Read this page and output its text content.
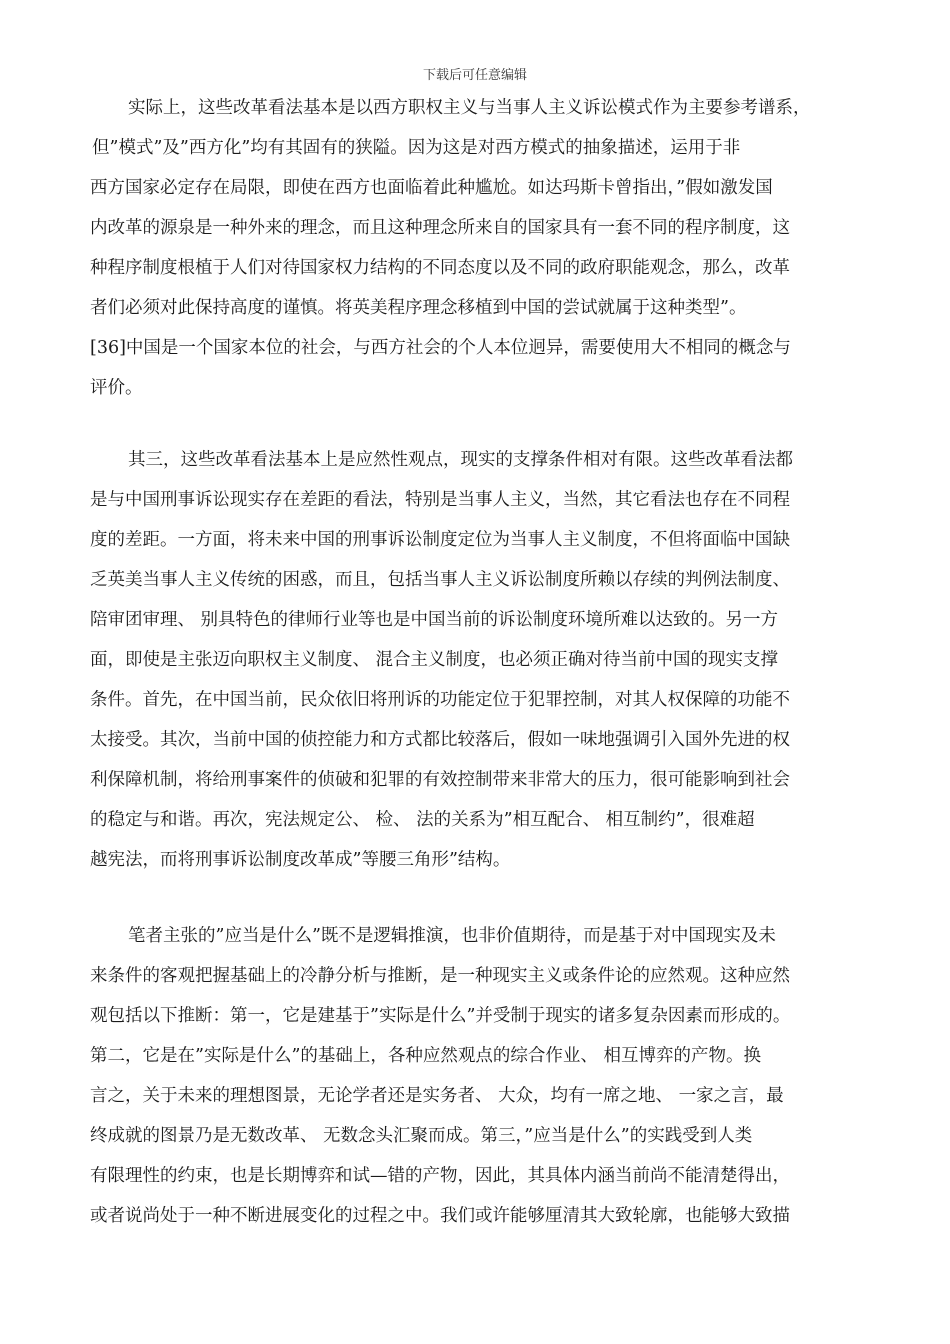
下载后可任意编辑
实际上，这些改革看法基本是以西方职权主义与当事人主义诉讼模式作为主要参考谱系，
但”模式”及”西方化”均有其固有的狭隘。因为这是对西方模式的抽象描述，运用于非
西方国家必定存在局限，即使在西方也面临着此种尴尬。如达玛斯卡曾指出，”假如激发国
内改革的源泉是一种外来的理念，而且这种理念所来自的国家具有一套不同的程序制度，这
种程序制度根植于人们对待国家权力结构的不同态度以及不同的政府职能观念，那么，改革
者们必须对此保持高度的谨慎。将英美程序理念移植到中国的尝试就属于这种类型”。
[36]中国是一个国家本位的社会，与西方社会的个人本位迥异，需要使用大不相同的概念与
评价。
其三，这些改革看法基本上是应然性观点，现实的支撑条件相对有限。这些改革看法都
是与中国刑事诉讼现实存在差距的看法，特别是当事人主义，当然，其它看法也存在不同程
度的差距。一方面，将未来中国的刑事诉讼制度定位为当事人主义制度，不但将面临中国缺
乏英美当事人主义传统的困惑，而且，包括当事人主义诉讼制度所赖以存续的判例法制度、
陪审团审理、 别具特色的律师行业等也是中国当前的诉讼制度环境所难以达致的。另一方
面，即使是主张迈向职权主义制度、 混合主义制度，也必须正确对待当前中国的现实支撑
条件。首先，在中国当前，民众依旧将刑诉的功能定位于犯罪控制，对其人权保障的功能不
太接受。其次，当前中国的侦控能力和方式都比较落后，假如一味地强调引入国外先进的权
利保障机制，将给刑事案件的侦破和犯罪的有效控制带来非常大的压力，很可能影响到社会
的稳定与和谐。再次，宪法规定公、 检、 法的关系为”相互配合、 相互制约”，很难超
越宪法，而将刑事诉讼制度改革成”等腰三角形”结构。
笔者主张的”应当是什么”既不是逻辑推演，也非价值期待，而是基于对中国现实及未
来条件的客观把握基础上的冷静分析与推断，是一种现实主义或条件论的应然观。这种应然
观包括以下推断：第一，它是建基于”实际是什么”并受制于现实的诸多复杂因素而形成的。
第二，它是在”实际是什么”的基础上，各种应然观点的综合作业、 相互博弈的产物。换
言之，关于未来的理想图景，无论学者还是实务者、 大众，均有一席之地、 一家之言，最
终成就的图景乃是无数改革、 无数念头汇聚而成。第三，”应当是什么”的实践受到人类
有限理性的约束，也是长期博弈和试—错的产物，因此，其具体内涵当前尚不能清楚得出，
或者说尚处于一种不断进展变化的过程之中。我们或许能够厘清其大致轮廓，也能够大致描
